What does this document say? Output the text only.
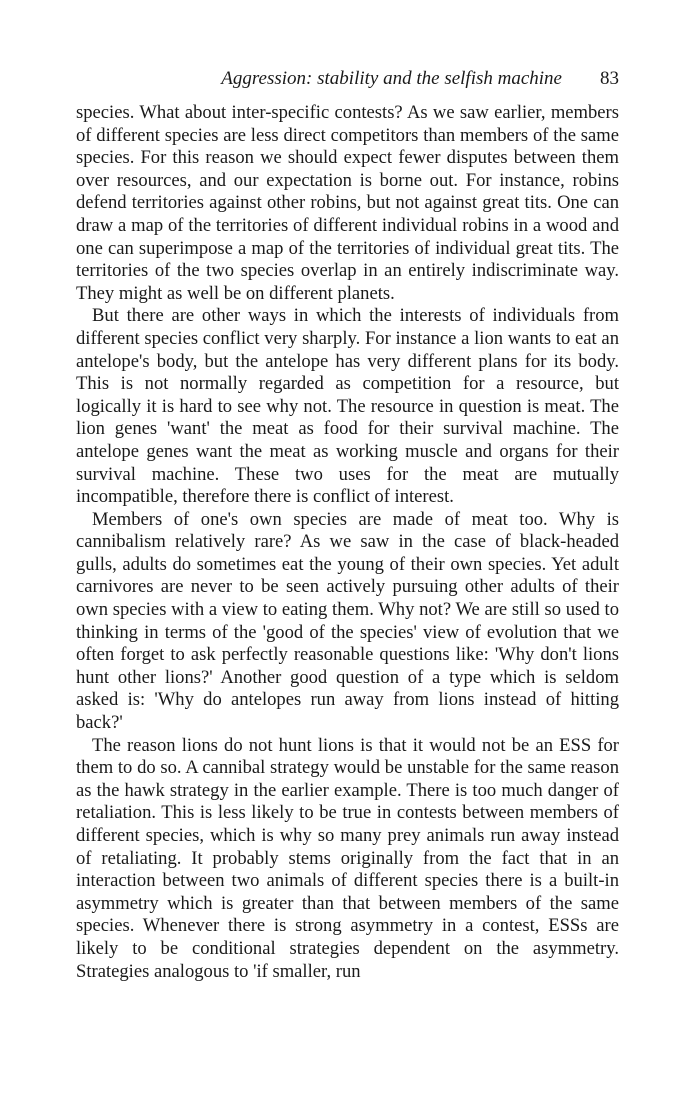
Aggression: stability and the selfish machine 83

species. What about inter-specific contests? As we saw earlier, members of different species are less direct competitors than members of the same species. For this reason we should expect fewer disputes between them over resources, and our expectation is borne out. For instance, robins defend territories against other robins, but not against great tits. One can draw a map of the territories of different individual robins in a wood and one can superimpose a map of the territories of individual great tits. The territories of the two species overlap in an entirely indiscriminate way. They might as well be on different planets.

But there are other ways in which the interests of individuals from different species conflict very sharply. For instance a lion wants to eat an antelope's body, but the antelope has very different plans for its body. This is not normally regarded as competition for a resource, but logically it is hard to see why not. The resource in question is meat. The lion genes 'want' the meat as food for their survival machine. The antelope genes want the meat as working muscle and organs for their survival machine. These two uses for the meat are mutually incompatible, therefore there is conflict of interest.

Members of one's own species are made of meat too. Why is cannibalism relatively rare? As we saw in the case of black-headed gulls, adults do sometimes eat the young of their own species. Yet adult carnivores are never to be seen actively pursuing other adults of their own species with a view to eating them. Why not? We are still so used to thinking in terms of the 'good of the species' view of evolution that we often forget to ask perfectly reasonable questions like: 'Why don't lions hunt other lions?' Another good question of a type which is seldom asked is: 'Why do antelopes run away from lions instead of hitting back?'

The reason lions do not hunt lions is that it would not be an ESS for them to do so. A cannibal strategy would be unstable for the same reason as the hawk strategy in the earlier example. There is too much danger of retaliation. This is less likely to be true in contests between members of different species, which is why so many prey animals run away instead of retaliating. It probably stems originally from the fact that in an interaction between two animals of different species there is a built-in asymmetry which is greater than that between members of the same species. Whenever there is strong asymmetry in a contest, ESSs are likely to be conditional strategies dependent on the asymmetry. Strategies analogous to 'if smaller, run
